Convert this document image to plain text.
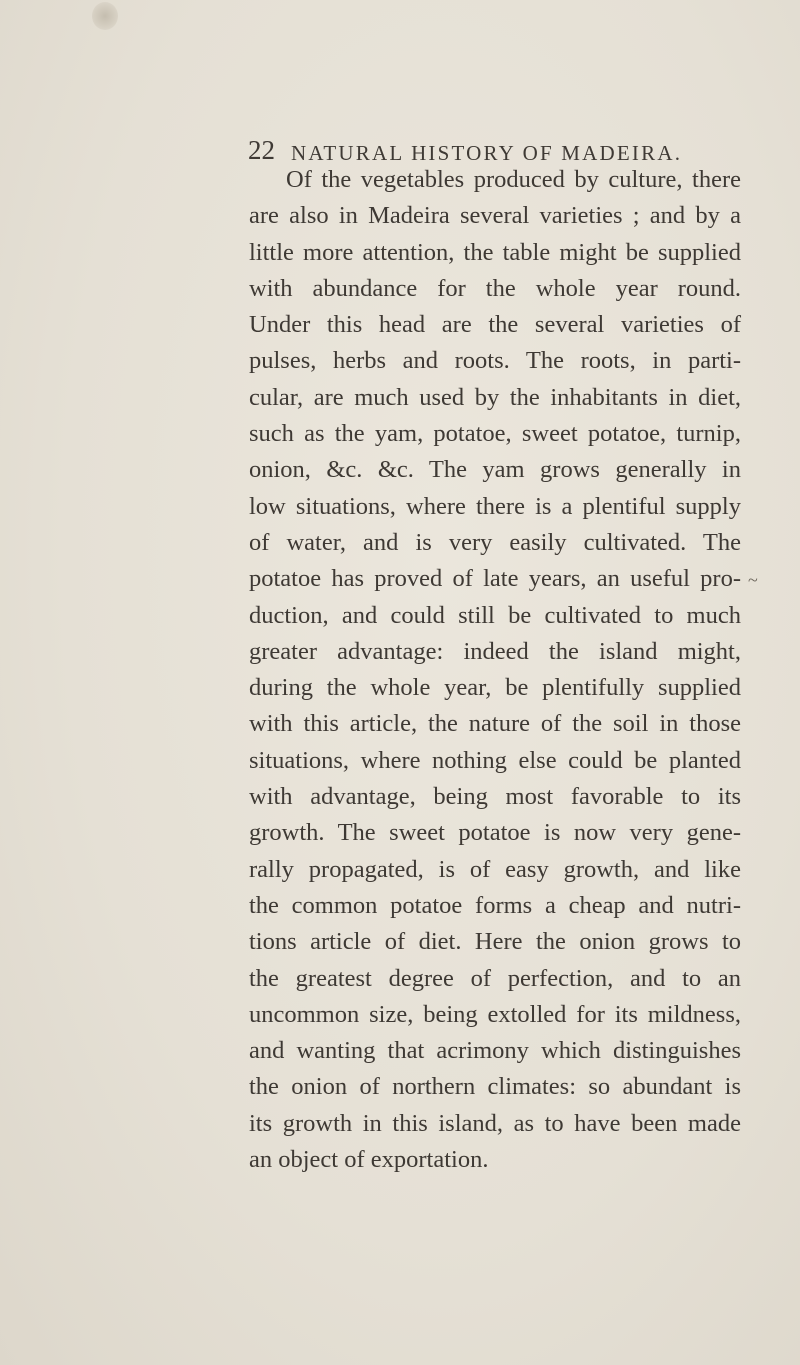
22 NATURAL HISTORY OF MADEIRA.
Of the vegetables produced by culture, there
are also in Madeira several varieties ; and by a
little more attention, the table might be supplied
with abundance for the whole year round.
Under this head are the several varieties of
pulses, herbs and roots. The roots, in parti-
cular, are much used by the inhabitants in diet,
such as the yam, potatoe, sweet potatoe, turnip,
onion, &c. &c. The yam grows generally in
low situations, where there is a plentiful supply
of water, and is very easily cultivated. The
potatoe has proved of late years, an useful pro-
duction, and could still be cultivated to much
greater advantage: indeed the island might,
during the whole year, be plentifully supplied
with this article, the nature of the soil in those
situations, where nothing else could be planted
with advantage, being most favorable to its
growth. The sweet potatoe is now very gene-
rally propagated, is of easy growth, and like
the common potatoe forms a cheap and nutri-
tions article of diet. Here the onion grows to
the greatest degree of perfection, and to an
uncommon size, being extolled for its mildness,
and wanting that acrimony which distinguishes
the onion of northern climates: so abundant is
its growth in this island, as to have been made
an object of exportation.
~
